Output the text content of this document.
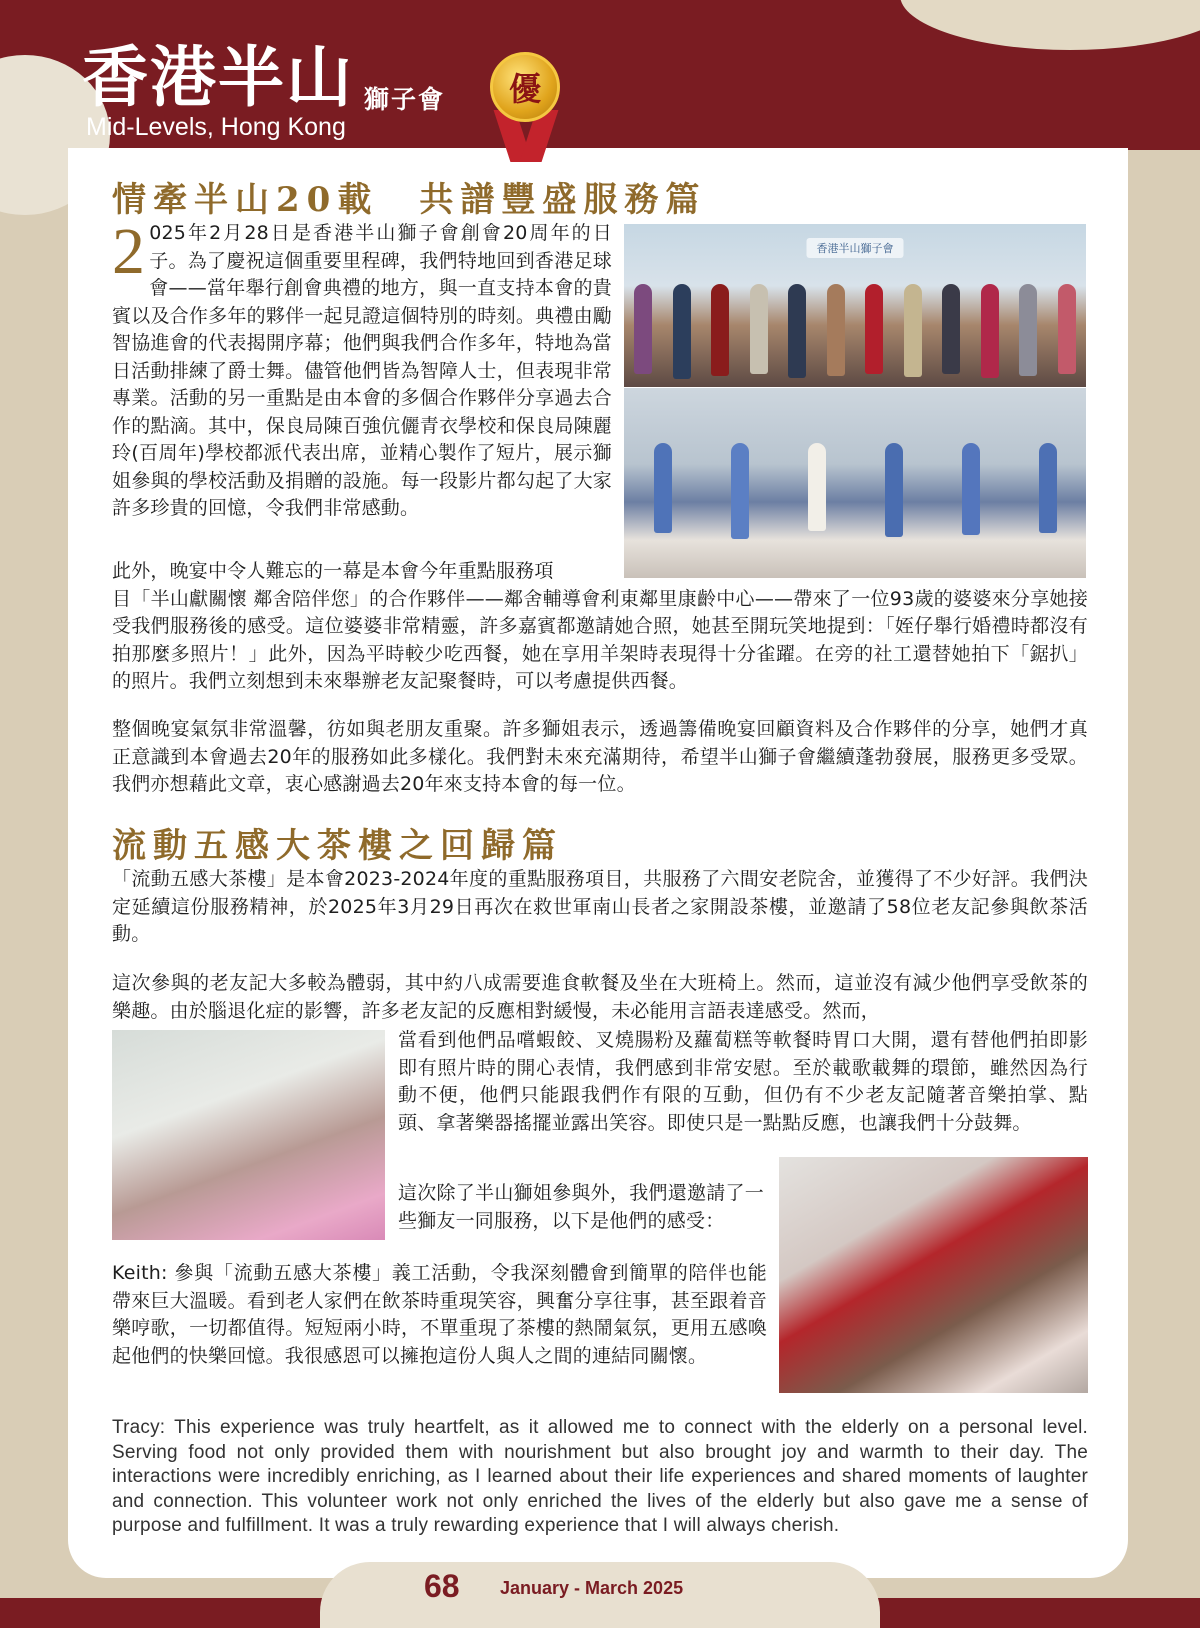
香港半山 獅子會
Mid-Levels, Hong Kong
優
情牽半山20載　共譜豐盛服務篇
2 025年2月28日是香港半山獅子會創會20周年的日子。為了慶祝這個重要里程碑，我們特地回到香港足球會——當年舉行創會典禮的地方，與一直支持本會的貴賓以及合作多年的夥伴一起見證這個特別的時刻。典禮由勵智協進會的代表揭開序幕；他們與我們合作多年，特地為當日活動排練了爵士舞。儘管他們皆為智障人士，但表現非常專業。活動的另一重點是由本會的多個合作夥伴分享過去合作的點滴。其中，保良局陳百強伉儷青衣學校和保良局陳麗玲(百周年)學校都派代表出席，並精心製作了短片，展示獅姐參與的學校活動及捐贈的設施。每一段影片都勾起了大家許多珍貴的回憶，令我們非常感動。
香港半山獅子會
此外，晚宴中令人難忘的一幕是本會今年重點服務項
目「半山獻關懷 鄰舍陪伴您」的合作夥伴——鄰舍輔導會利東鄰里康齡中心——帶來了一位93歲的婆婆來分享她接受我們服務後的感受。這位婆婆非常精靈，許多嘉賓都邀請她合照，她甚至開玩笑地提到：「姪仔舉行婚禮時都沒有拍那麼多照片！」此外，因為平時較少吃西餐，她在享用羊架時表現得十分雀躍。在旁的社工還替她拍下「鋸扒」的照片。我們立刻想到未來舉辦老友記聚餐時，可以考慮提供西餐。
整個晚宴氣氛非常溫馨，彷如與老朋友重聚。許多獅姐表示，透過籌備晚宴回顧資料及合作夥伴的分享，她們才真正意識到本會過去20年的服務如此多樣化。我們對未來充滿期待，希望半山獅子會繼續蓬勃發展，服務更多受眾。我們亦想藉此文章，衷心感謝過去20年來支持本會的每一位。
流動五感大茶樓之回歸篇
「流動五感大茶樓」是本會2023-2024年度的重點服務項目，共服務了六間安老院舍，並獲得了不少好評。我們決定延續這份服務精神，於2025年3月29日再次在救世軍南山長者之家開設茶樓，並邀請了58位老友記參與飲茶活動。
這次參與的老友記大多較為體弱，其中約八成需要進食軟餐及坐在大班椅上。然而，這並沒有減少他們享受飲茶的樂趣。由於腦退化症的影響，許多老友記的反應相對緩慢，未必能用言語表達感受。然而，
當看到他們品嚐蝦餃、叉燒腸粉及蘿蔔糕等軟餐時胃口大開，還有替他們拍即影即有照片時的開心表情，我們感到非常安慰。至於載歌載舞的環節，雖然因為行動不便，他們只能跟我們作有限的互動，但仍有不少老友記隨著音樂拍掌、點頭、拿著樂器搖擺並露出笑容。即使只是一點點反應，也讓我們十分鼓舞。
這次除了半山獅姐參與外，我們還邀請了一些獅友一同服務，以下是他們的感受：
Keith: 參與「流動五感大茶樓」義工活動，令我深刻體會到簡單的陪伴也能帶來巨大溫暖。看到老人家們在飲茶時重現笑容，興奮分享往事，甚至跟着音樂哼歌，一切都值得。短短兩小時，不單重現了茶樓的熱鬧氣氛，更用五感喚起他們的快樂回憶。我很感恩可以擁抱這份人與人之間的連結同關懷。
Tracy: This experience was truly heartfelt, as it allowed me to connect with the elderly on a personal level. Serving food not only provided them with nourishment but also brought joy and warmth to their day. The interactions were incredibly enriching, as I learned about their life experiences and shared moments of laughter and connection. This volunteer work not only enriched the lives of the elderly but also gave me a sense of purpose and fulfillment. It was a truly rewarding experience that I will always cherish.
68 January - March 2025
